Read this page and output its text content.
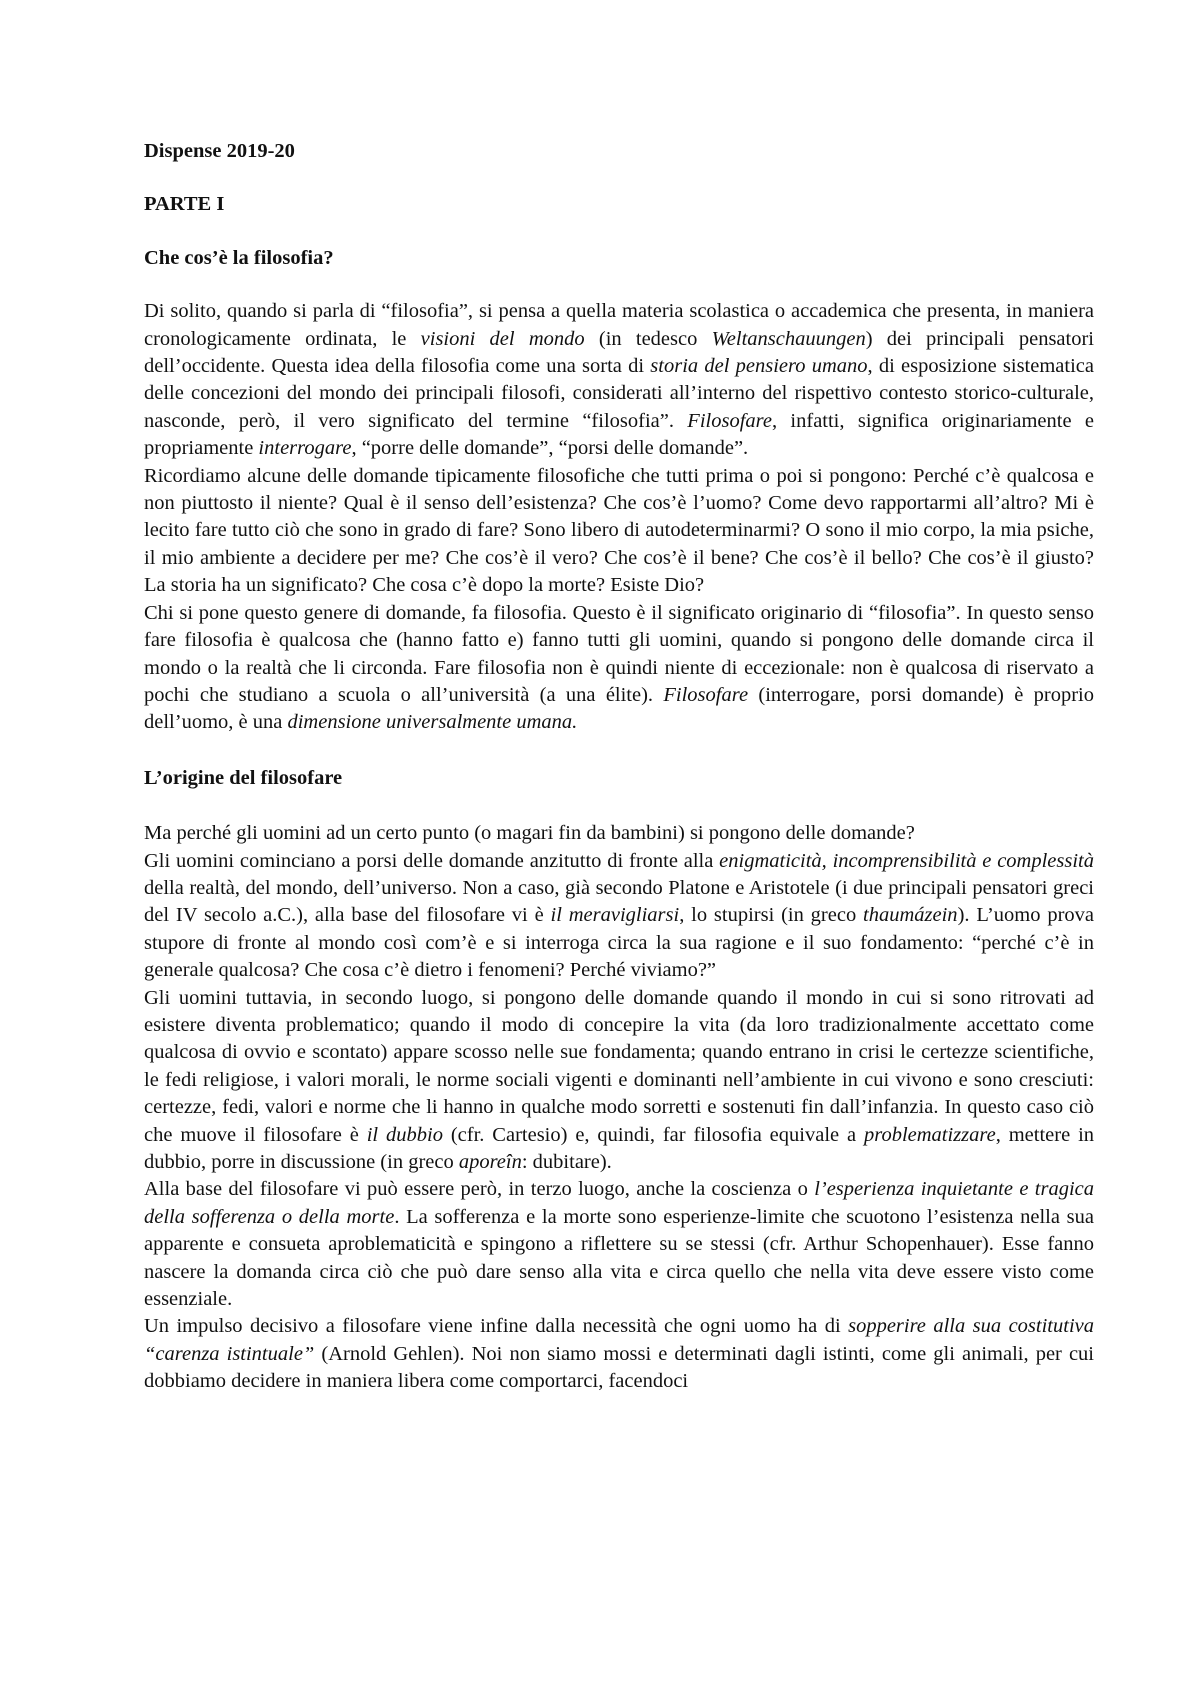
Dispense 2019-20

PARTE I

Che cos’è la filosofia?

Di solito, quando si parla di “filosofia”, si pensa a quella materia scolastica o accademica che presenta, in maniera cronologicamente ordinata, le visioni del mondo (in tedesco Weltanschauungen) dei principali pensatori dell’occidente. Questa idea della filosofia come una sorta di storia del pensiero umano, di esposizione sistematica delle concezioni del mondo dei principali filosofi, considerati all’interno del rispettivo contesto storico-culturale, nasconde, però, il vero significato del termine “filosofia”. Filosofare, infatti, significa originariamente e propriamente interrogare, “porre delle domande”, “porsi delle domande”.

Ricordiamo alcune delle domande tipicamente filosofiche che tutti prima o poi si pongono: Perché c’è qualcosa e non piuttosto il niente? Qual è il senso dell’esistenza? Che cos’è l’uomo? Come devo rapportarmi all’altro? Mi è lecito fare tutto ciò che sono in grado di fare? Sono libero di autodeterminarmi? O sono il mio corpo, la mia psiche, il mio ambiente a decidere per me? Che cos’è il vero? Che cos’è il bene? Che cos’è il bello? Che cos’è il giusto? La storia ha un significato? Che cosa c’è dopo la morte? Esiste Dio?

Chi si pone questo genere di domande, fa filosofia. Questo è il significato originario di “filosofia”. In questo senso fare filosofia è qualcosa che (hanno fatto e) fanno tutti gli uomini, quando si pongono delle domande circa il mondo o la realtà che li circonda. Fare filosofia non è quindi niente di eccezionale: non è qualcosa di riservato a pochi che studiano a scuola o all’università (a una élite). Filosofare (interrogare, porsi domande) è proprio dell’uomo, è una dimensione universalmente umana.

L’origine del filosofare

Ma perché gli uomini ad un certo punto (o magari fin da bambini) si pongono delle domande?

Gli uomini cominciano a porsi delle domande anzitutto di fronte alla enigmaticità, incomprensibilità e complessità della realtà, del mondo, dell’universo. Non a caso, già secondo Platone e Aristotele (i due principali pensatori greci del IV secolo a.C.), alla base del filosofare vi è il meravigliarsi, lo stupirsi (in greco thaumázein). L’uomo prova stupore di fronte al mondo così com’è e si interroga circa la sua ragione e il suo fondamento: “perché c’è in generale qualcosa? Che cosa c’è dietro i fenomeni? Perché viviamo?”

Gli uomini tuttavia, in secondo luogo, si pongono delle domande quando il mondo in cui si sono ritrovati ad esistere diventa problematico; quando il modo di concepire la vita (da loro tradizionalmente accettato come qualcosa di ovvio e scontato) appare scosso nelle sue fondamenta; quando entrano in crisi le certezze scientifiche, le fedi religiose, i valori morali, le norme sociali vigenti e dominanti nell’ambiente in cui vivono e sono cresciuti: certezze, fedi, valori e norme che li hanno in qualche modo sorretti e sostenuti fin dall’infanzia. In questo caso ciò che muove il filosofare è il dubbio (cfr. Cartesio) e, quindi, far filosofia equivale a problematizzare, mettere in dubbio, porre in discussione (in greco aporeîn: dubitare).

Alla base del filosofare vi può essere però, in terzo luogo, anche la coscienza o l’esperienza inquietante e tragica della sofferenza o della morte. La sofferenza e la morte sono esperienze-limite che scuotono l’esistenza nella sua apparente e consueta aproblematicità e spingono a riflettere su se stessi (cfr. Arthur Schopenhauer). Esse fanno nascere la domanda circa ciò che può dare senso alla vita e circa quello che nella vita deve essere visto come essenziale.

Un impulso decisivo a filosofare viene infine dalla necessità che ogni uomo ha di sopperire alla sua costitutiva “carenza istintuale” (Arnold Gehlen). Noi non siamo mossi e determinati dagli istinti, come gli animali, per cui dobbiamo decidere in maniera libera come comportarci, facendoci
